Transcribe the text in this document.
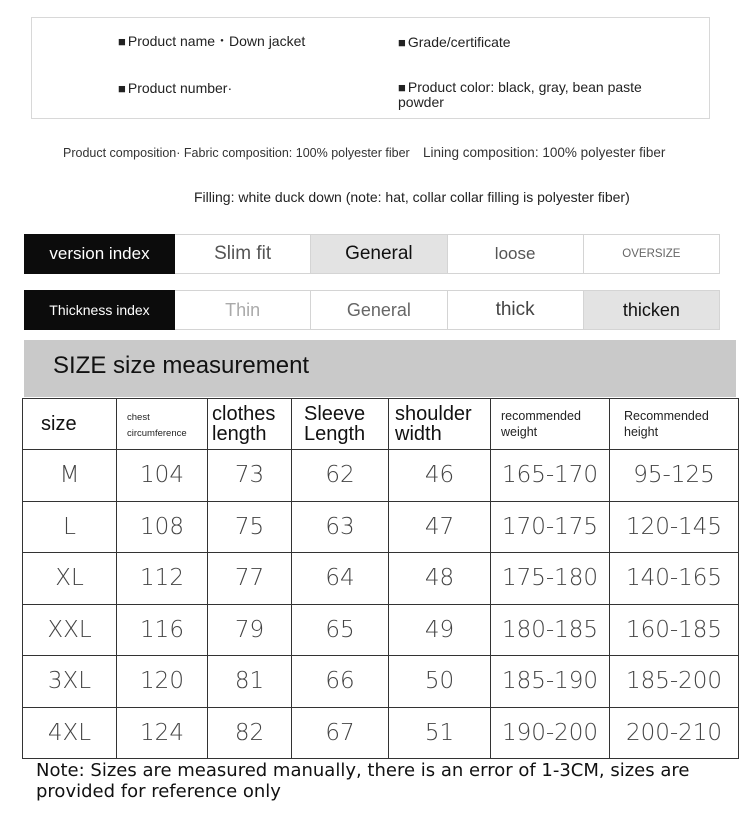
■ Product name・Down jacket	■ Grade/certificate
■ Product number·	■ Product color: black, gray, bean paste powder
Product composition· Fabric composition: 100% polyester fiber Lining composition: 100% polyester fiber
Filling: white duck down (note: hat, collar collar filling is polyester fiber)
version index	Slim fit	General	loose	OVERSIZE
Thickness index	Thin	General	thick	thicken
SIZE size measurement
size	chest circumference	clothes length	Sleeve Length	shoulder width	recommended weight	Recommended height
M	104	73	62	46	165-170	95-125
L	108	75	63	47	170-175	120-145
XL	112	77	64	48	175-180	140-165
XXL	116	79	65	49	180-185	160-185
3XL	120	81	66	50	185-190	185-200
4XL	124	82	67	51	190-200	200-210
Note: Sizes are measured manually, there is an error of 1-3CM, sizes are provided for reference only
